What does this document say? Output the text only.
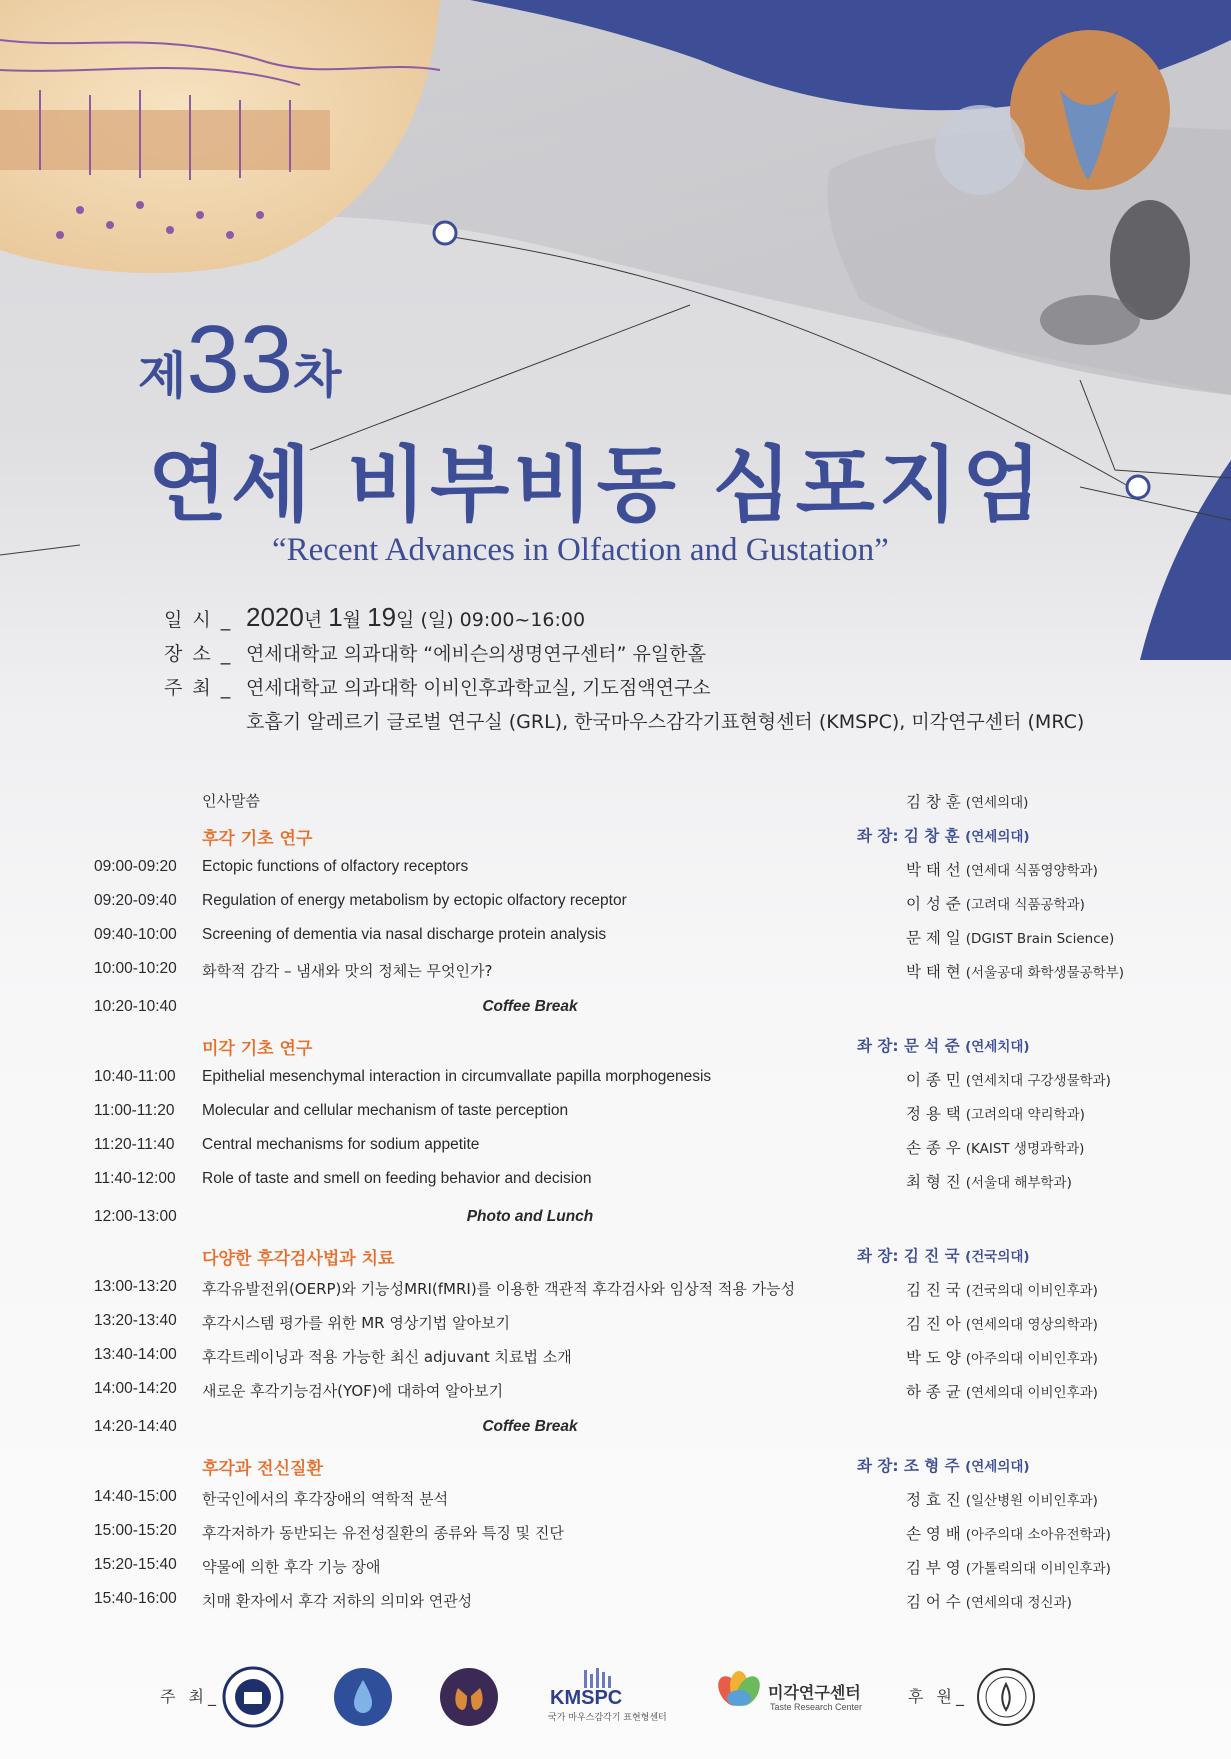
제33차
연세 비부비동 심포지엄
“Recent Advances in Olfaction and Gustation”
일 시 _ 2020년 1월 19일 (일) 09:00~16:00
장 소 _ 연세대학교 의과대학 “에비슨의생명연구센터” 유일한홀
주 최 _ 연세대학교 의과대학 이비인후과학교실, 기도점액연구소
호흡기 알레르기 글로벌 연구실 (GRL), 한국마우스감각기표현형센터 (KMSPC), 미각연구센터 (MRC)
인사말씀	김 창 훈 (연세의대)
후각 기초 연구	좌 장: 김 창 훈 (연세의대)
09:00-09:20 Ectopic functions of olfactory receptors	박 태 선 (연세대 식품영양학과)
09:20-09:40 Regulation of energy metabolism by ectopic olfactory receptor	이 성 준 (고려대 식품공학과)
09:40-10:00 Screening of dementia via nasal discharge protein analysis	문 제 일 (DGIST Brain Science)
10:00-10:20 화학적 감각 – 냄새와 맛의 정체는 무엇인가?	박 태 현 (서울공대 화학생물공학부)
10:20-10:40	Coffee Break
미각 기초 연구	좌 장: 문 석 준 (연세치대)
10:40-11:00 Epithelial mesenchymal interaction in circumvallate papilla morphogenesis	이 종 민 (연세치대 구강생물학과)
11:00-11:20 Molecular and cellular mechanism of taste perception	정 용 택 (고려의대 약리학과)
11:20-11:40 Central mechanisms for sodium appetite	손 종 우 (KAIST 생명과학과)
11:40-12:00 Role of taste and smell on feeding behavior and decision	최 형 진 (서울대 해부학과)
12:00-13:00	Photo and Lunch
다양한 후각검사법과 치료	좌 장: 김 진 국 (건국의대)
13:00-13:20 후각유발전위(OERP)와 기능성MRI(fMRI)를 이용한 객관적 후각검사와 임상적 적용 가능성	김 진 국 (건국의대 이비인후과)
13:20-13:40 후각시스템 평가를 위한 MR 영상기법 알아보기	김 진 아 (연세의대 영상의학과)
13:40-14:00 후각트레이닝과 적용 가능한 최신 adjuvant 치료법 소개	박 도 양 (아주의대 이비인후과)
14:00-14:20 새로운 후각기능검사(YOF)에 대하여 알아보기	하 종 균 (연세의대 이비인후과)
14:20-14:40	Coffee Break
후각과 전신질환	좌 장: 조 형 주 (연세의대)
14:40-15:00 한국인에서의 후각장애의 역학적 분석	정 효 진 (일산병원 이비인후과)
15:00-15:20 후각저하가 동반되는 유전성질환의 종류와 특징 및 진단	손 영 배 (아주의대 소아유전학과)
15:20-15:40 약물에 의한 후각 기능 장애	김 부 영 (가톨릭의대 이비인후과)
15:40-16:00 치매 환자에서 후각 저하의 의미와 연관성	김 어 수 (연세의대 정신과)
주 최_	KMSPC
국가 마우스감각기 표현형센터
미각연구센터
Taste Research Center
후 원_
